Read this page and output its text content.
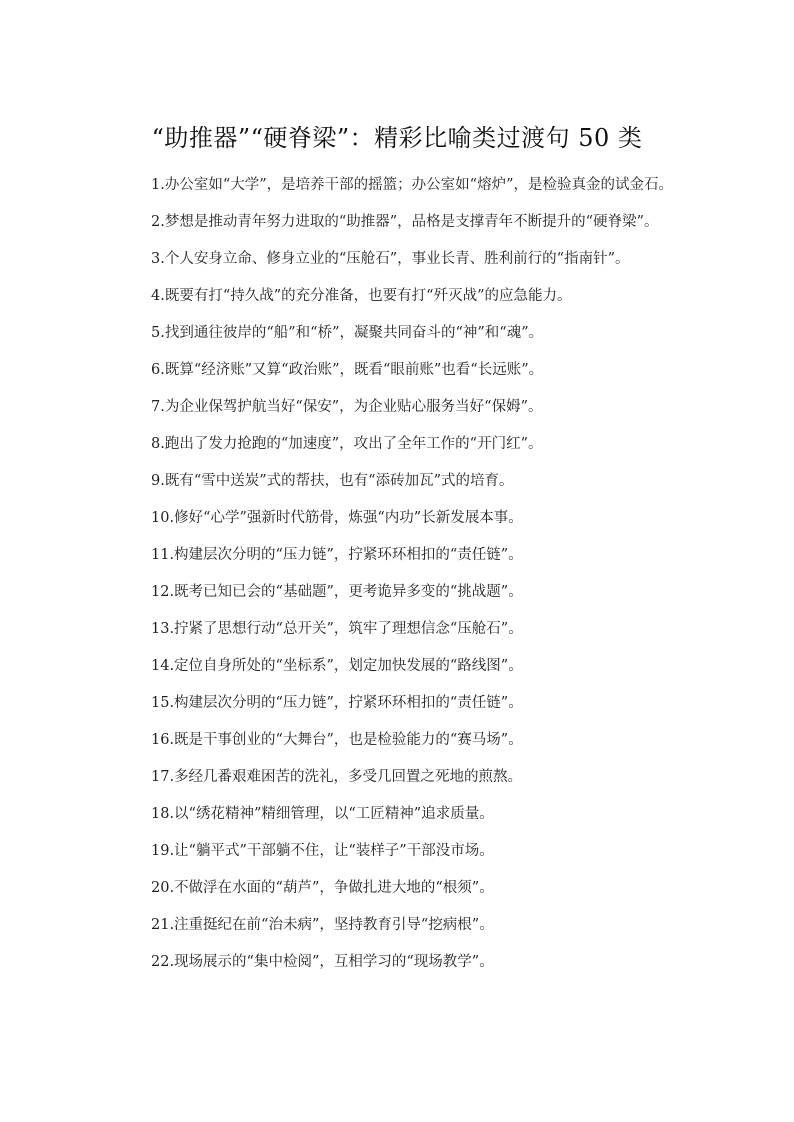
“助推器”“硬脊梁”：精彩比喻类过渡句 50 类

1.办公室如“大学”，是培养干部的摇篮；办公室如“熔炉”，是检验真金的试金石。

2.梦想是推动青年努力进取的“助推器”，品格是支撑青年不断提升的“硬脊梁”。

3.个人安身立命、修身立业的“压舱石”，事业长青、胜利前行的“指南针”。

4.既要有打“持久战”的充分准备，也要有打“歼灭战”的应急能力。

5.找到通往彼岸的“船”和“桥”，凝聚共同奋斗的“神”和“魂”。

6.既算“经济账”又算“政治账”，既看“眼前账”也看“长远账”。

7.为企业保驾护航当好“保安”，为企业贴心服务当好“保姆”。

8.跑出了发力抢跑的“加速度”，攻出了全年工作的“开门红”。

9.既有“雪中送炭”式的帮扶，也有“添砖加瓦”式的培育。

10.修好“心学”强新时代筋骨，炼强“内功”长新发展本事。

11.构建层次分明的“压力链”，拧紧环环相扣的“责任链”。

12.既考已知已会的“基础题”，更考诡异多变的“挑战题”。

13.拧紧了思想行动“总开关”，筑牢了理想信念“压舱石”。

14.定位自身所处的“坐标系”，划定加快发展的“路线图”。

15.构建层次分明的“压力链”，拧紧环环相扣的“责任链”。

16.既是干事创业的“大舞台”，也是检验能力的“赛马场”。

17.多经几番艰难困苦的洗礼，多受几回置之死地的煎熬。

18.以“绣花精神”精细管理，以“工匠精神”追求质量。

19.让“躺平式”干部躺不住，让“装样子”干部没市场。

20.不做浮在水面的“葫芦”，争做扎进大地的“根须”。

21.注重挺纪在前“治未病”，坚持教育引导“挖病根”。

22.现场展示的“集中检阅”，互相学习的“现场教学”。
